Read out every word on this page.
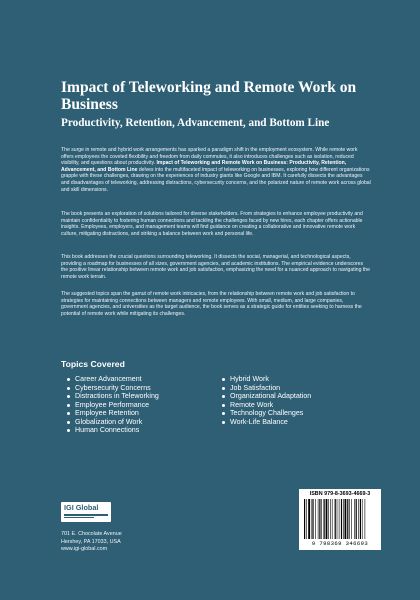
Impact of Teleworking and Remote Work on Business
Productivity, Retention, Advancement, and Bottom Line

The surge in remote and hybrid work arrangements has sparked a paradigm shift in the employment ecosystem. While remote work offers employees the coveted flexibility and freedom from daily commutes, it also introduces challenges such as isolation, reduced visibility, and questions about productivity. Impact of Teleworking and Remote Work on Business: Productivity, Retention, Advancement, and Bottom Line delves into the multifaceted impact of teleworking on businesses, exploring how different organizations grapple with these challenges, drawing on the experiences of industry giants like Google and IBM. It carefully dissects the advantages and disadvantages of teleworking, addressing distractions, cybersecurity concerns, and the polarized nature of remote work across global and skill dimensions.

The book presents an exploration of solutions tailored for diverse stakeholders. From strategies to enhance employee productivity and maintain confidentiality to fostering human connections and tackling the challenges faced by new hires, each chapter offers actionable insights. Employees, employers, and management teams will find guidance on creating a collaborative and innovative remote work culture, mitigating distractions, and striking a balance between work and personal life.

This book addresses the crucial questions surrounding teleworking. It dissects the social, managerial, and technological aspects, providing a roadmap for businesses of all sizes, government agencies, and academic institutions. The empirical evidence underscores the positive linear relationship between remote work and job satisfaction, emphasizing the need for a nuanced approach to navigating the remote work terrain.

The suggested topics span the gamut of remote work intricacies, from the relationship between remote work and job satisfaction to strategies for maintaining connections between managers and remote employees. With small, medium, and large companies, government agencies, and universities as the target audience, the book serves as a strategic guide for entities seeking to harness the potential of remote work while mitigating its challenges.

Topics Covered
Career Advancement
Cybersecurity Concerns
Distractions in Teleworking
Employee Performance
Employee Retention
Globalization of Work
Human Connections
Hybrid Work
Job Satisfaction
Organizational Adaptation
Remote Work
Technology Challenges
Work-Life Balance
IGI Global

701 E. Chocolate Avenue
Hershey, PA 17033, USA
www.igi-global.com

ISBN 979-8-3693-4669-3
9 798369 346693
